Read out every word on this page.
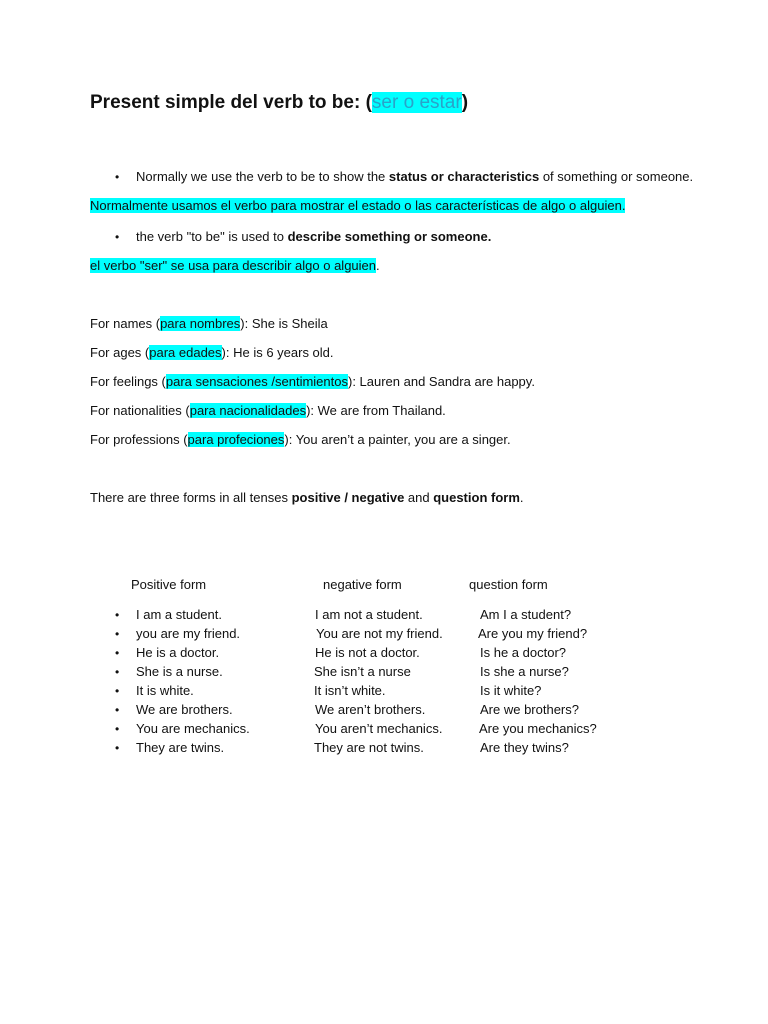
Present simple del verb to be: (ser o estar)
• Normally we use the verb to be to show the status or characteristics of something or someone.
Normalmente usamos el verbo para mostrar el estado o las características de algo o alguien.
• the verb "to be" is used to describe something or someone.
el verbo "ser" se usa para describir algo o alguien.
For names (para nombres): She is Sheila
For ages (para edades): He is 6 years old.
For feelings (para sensaciones /sentimientos): Lauren and Sandra are happy.
For nationalities (para nacionalidades): We are from Thailand.
For professions (para profeciones): You aren’t a painter, you are a singer.
There are three forms in all tenses positive / negative and question form.
Positive form	negative form	question form
• I am a student.	I am not a student.	Am I a student?
• you are my friend.	You are not my friend.	Are you my friend?
• He is a doctor.	He is not a doctor.	Is he a doctor?
• She is a nurse.	She isn’t a nurse	Is she a nurse?
• It is white.	It isn’t white.	Is it white?
• We are brothers.	We aren’t brothers.	Are we brothers?
• You are mechanics.	You aren’t mechanics.	Are you mechanics?
• They are twins.	They are not twins.	Are they twins?
